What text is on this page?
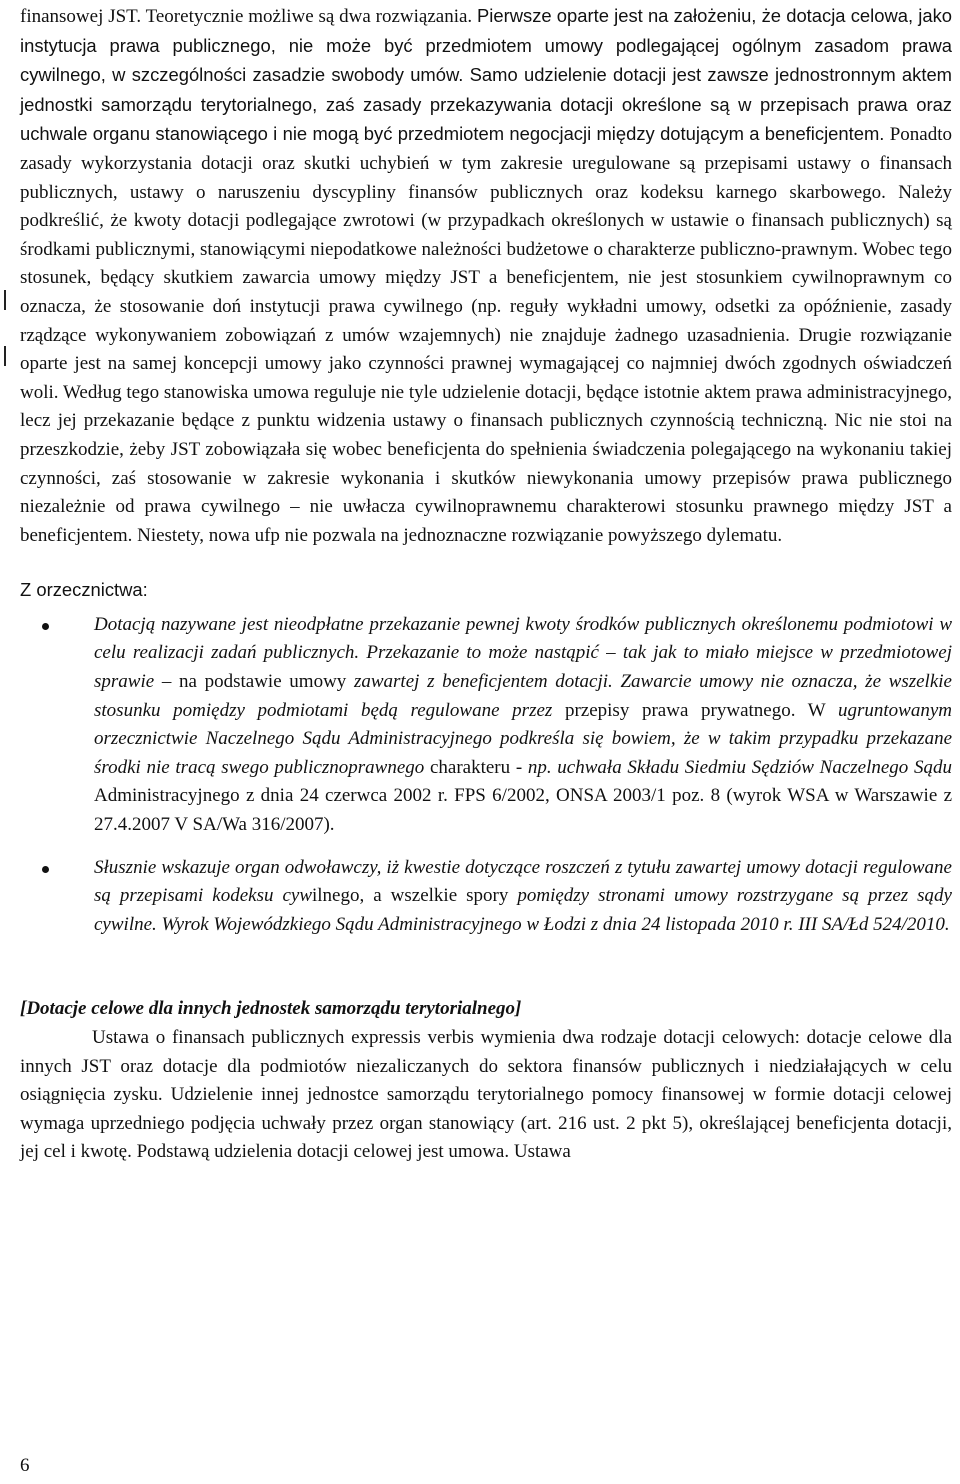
finansowej JST. Teoretycznie możliwe są dwa rozwiązania. Pierwsze oparte jest na założeniu, że dotacja celowa, jako instytucja prawa publicznego, nie może być przedmiotem umowy podlegającej ogólnym zasadom prawa cywilnego, w szczególności zasadzie swobody umów. Samo udzielenie dotacji jest zawsze jednostronnym aktem jednostki samorządu terytorialnego, zaś zasady przekazywania dotacji określone są w przepisach prawa oraz uchwale organu stanowiącego i nie mogą być przedmiotem negocjacji między dotującym a beneficjentem. Ponadto zasady wykorzystania dotacji oraz skutki uchybień w tym zakresie uregulowane są przepisami ustawy o finansach publicznych, ustawy o naruszeniu dyscypliny finansów publicznych oraz kodeksu karnego skarbowego. Należy podkreślić, że kwoty dotacji podlegające zwrotowi (w przypadkach określonych w ustawie o finansach publicznych) są środkami publicznymi, stanowiącymi niepodatkowe należności budżetowe o charakterze publiczno-prawnym. Wobec tego stosunek, będący skutkiem zawarcia umowy między JST a beneficjentem, nie jest stosunkiem cywilnoprawnym co oznacza, że stosowanie doń instytucji prawa cywilnego (np. reguły wykładni umowy, odsetki za opóźnienie, zasady rządzące wykonywaniem zobowiązań z umów wzajemnych) nie znajduje żadnego uzasadnienia. Drugie rozwiązanie oparte jest na samej koncepcji umowy jako czynności prawnej wymagającej co najmniej dwóch zgodnych oświadczeń woli. Według tego stanowiska umowa reguluje nie tyle udzielenie dotacji, będące istotnie aktem prawa administracyjnego, lecz jej przekazanie będące z punktu widzenia ustawy o finansach publicznych czynnością techniczną. Nic nie stoi na przeszkodzie, żeby JST zobowiązała się wobec beneficjenta do spełnienia świadczenia polegającego na wykonaniu takiej czynności, zaś stosowanie w zakresie wykonania i skutków niewykonania umowy przepisów prawa publicznego niezależnie od prawa cywilnego – nie uwłacza cywilnoprawnemu charakterowi stosunku prawnego między JST a beneficjentem. Niestety, nowa ufp nie pozwala na jednoznaczne rozwiązanie powyższego dylematu.

Z orzecznictwa:
Dotacją nazywane jest nieodpłatne przekazanie pewnej kwoty środków publicznych określonemu podmiotowi w celu realizacji zadań publicznych. Przekazanie to może nastąpić – tak jak to miało miejsce w przedmiotowej sprawie – na podstawie umowy zawartej z beneficjentem dotacji. Zawarcie umowy nie oznacza, że wszelkie stosunku pomiędzy podmiotami będą regulowane przez przepisy prawa prywatnego. W ugruntowanym orzecznictwie Naczelnego Sądu Administracyjnego podkreśla się bowiem, że w takim przypadku przekazane środki nie tracą swego publicznoprawnego charakteru - np. uchwała Składu Siedmiu Sędziów Naczelnego Sądu Administracyjnego z dnia 24 czerwca 2002 r. FPS 6/2002, ONSA 2003/1 poz. 8 (wyrok WSA w Warszawie z 27.4.2007 V SA/Wa 316/2007).
Słusznie wskazuje organ odwoławczy, iż kwestie dotyczące roszczeń z tytułu zawartej umowy dotacji regulowane są przepisami kodeksu cywilnego, a wszelkie spory pomiędzy stronami umowy rozstrzygane są przez sądy cywilne. Wyrok Wojewódzkiego Sądu Administracyjnego w Łodzi z dnia 24 listopada 2010 r. III SA/Łd 524/2010.
[Dotacje celowe dla innych jednostek samorządu terytorialnego]

Ustawa o finansach publicznych expressis verbis wymienia dwa rodzaje dotacji celowych: dotacje celowe dla innych JST oraz dotacje dla podmiotów niezaliczanych do sektora finansów publicznych i niedziałających w celu osiągnięcia zysku. Udzielenie innej jednostce samorządu terytorialnego pomocy finansowej w formie dotacji celowej wymaga uprzedniego podjęcia uchwały przez organ stanowiący (art. 216 ust. 2 pkt 5), określającej beneficjenta dotacji, jej cel i kwotę. Podstawą udzielenia dotacji celowej jest umowa. Ustawa

6
